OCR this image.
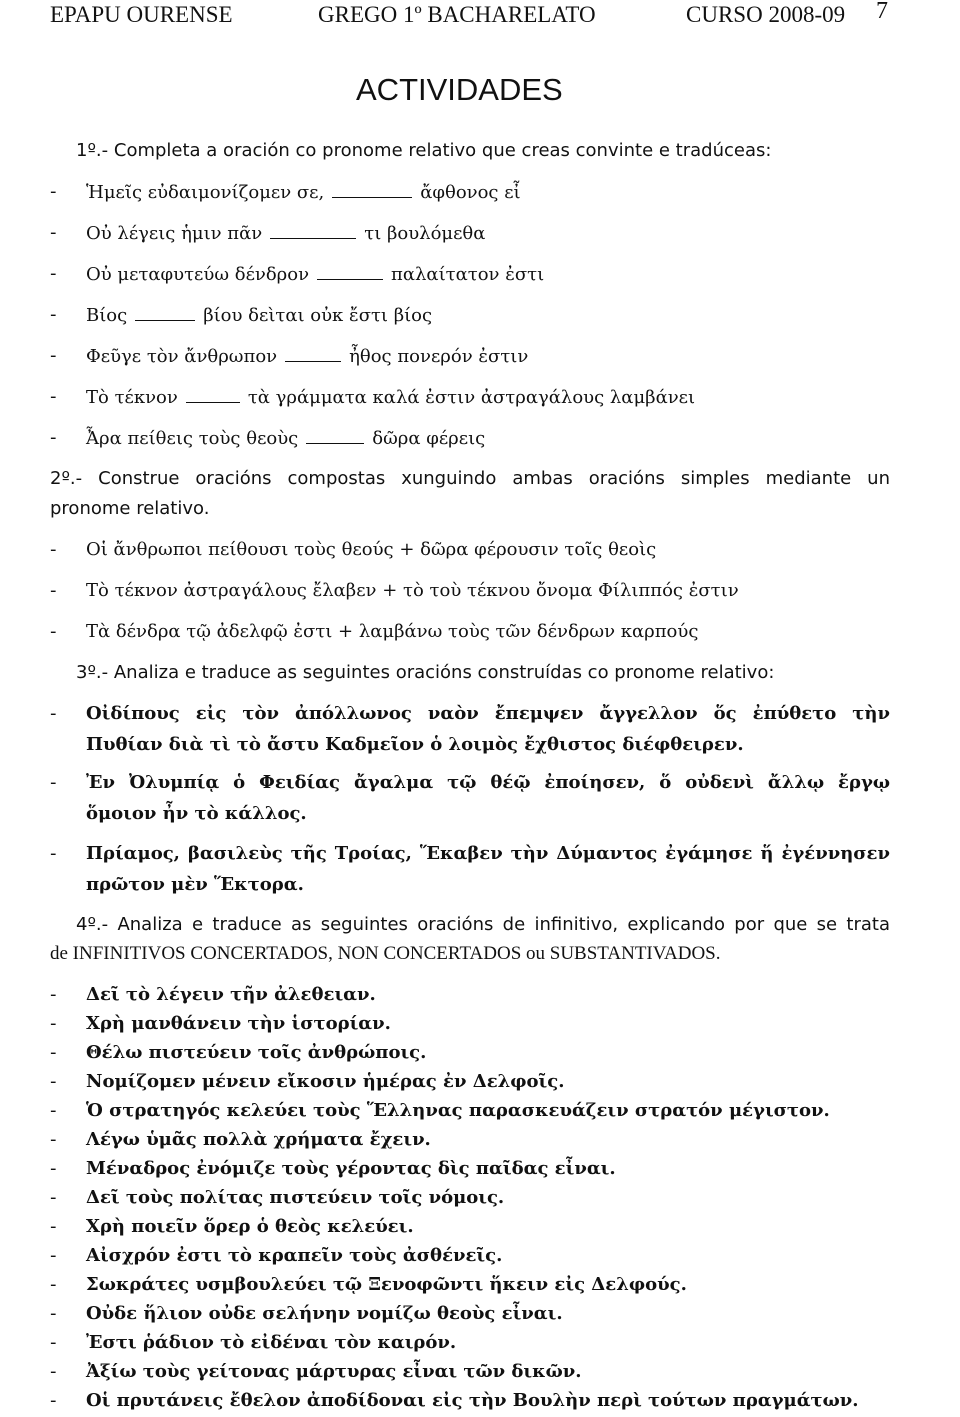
EPAPU OURENSE	GREGO 1º BACHARELATO	CURSO 2008-09 7
ACTIVIDADES
1º.- Completa a oración co pronome relativo que creas convinte e tradúceas:
- Ἡμεῖς εὐδαιμονίζομεν σε,	ἄφθονος εἶ
- Οὐ λέγεις ἡμιν πᾶν	τι βουλόμεθα
- Οὐ μεταφυτεύω δένδρον	παλαίτατον ἐστι
- Βίος	βίου δεὶται οὐκ ἔστι βίος
- Φεῦγε τὸν ἄνθρωπον	ἦθος πονερόν ἐστιν
- Τὸ τέκνον	τὰ γράμματα καλά ἐστιν ἀστραγάλους λαμβάνει
- Ἆρα πείθεις τοὺς θεοὺς	δῶρα φέρεις
2º.- Construe oracións compostas xunguindo ambas oracións simples mediante un
pronome relativo.
- Οἱ ἄνθρωποι πείθουσι τοὺς θεούς + δῶρα φέρουσιν τοῖς θεοὶς
- Τὸ τέκνον ἀστραγάλους ἔλαβεν + τὸ τοὺ τέκνου ὄνομα Φίλιππός ἐστιν
- Τὰ δένδρα τῷ ἀδελφῷ ἐστι + λαμβάνω τοὺς τῶν δένδρων καρπούς
3º.- Analiza e traduce as seguintes oracións construídas co pronome relativo:
- Οἰδίπους εἰς τὸν ἀπόλλωνος ναὸν ἔπεμψεν ἄγγελλον ὅς ἐπύθετο τὴν
Πυθίαν διὰ τὶ τὸ ἄστυ Καδμεῖον ὁ λοιμὸς ἔχθιστος διέφθειρεν.
- Ἐν Ὀλυμπίᾳ ὁ Φειδίας ἄγαλμα τῷ θέῷ ἐποίησεν, ὅ οὐδενὶ ἄλλῳ ἔργῳ
ὅμοιον ἦν τὸ κάλλος.
- Πρίαμος, βασιλεὺς τῆς Τροίας, Ἕκαβεν τὴν Δύμαντος ἐγάμησε ἥ ἐγέννησεν
πρῶτον μὲν Ἕκτορα.
4º.- Analiza e traduce as seguintes oracións de infinitivo, explicando por que se trata
de INFINITIVOS CONCERTADOS, NON CONCERTADOS ou SUBSTANTIVADOS.
- Δεῖ τὸ λέγειν τῆν ἀλεθειαν.
- Χρὴ μανθάνειν τὴν ἱστορίαν.
- Θέλω πιστεύειν τοῖς ἀνθρώποις.
- Νομίζομεν μένειν εἴκοσιν ἡμέρας ἐν Δελφοῖς.
- Ὁ στρατηγός κελεύει τοὺς Ἕλληνας παρασκευάζειν στρατόν μέγιστον.
- Λέγω ὑμᾶς πολλὰ χρήματα ἔχειν.
- Μέναδρος ἐνόμιζε τοὺς γέροντας δὶς παῖδας εἶναι.
- Δεῖ τοὺς πολίτας πιστεύειν τοῖς νόμοις.
- Χρὴ ποιεῖν ὅρερ ὁ θεὸς κελεύει.
- Αἰσχρόν ἐστι τὸ κραπεῖν τοὺς ἀσθένεῖς.
- Σωκράτες υσμβουλεύει τῷ Ξενοφῶντι ἥκειν εἰς Δελφούς.
- Οὐδε ἥλιον οὐδε σελήνην νομίζω θεοὺς εἶναι.
- Ἐστι ῥάδιον τὸ εἰδέναι τὸν καιρόν.
- Ἀξίω τοὺς γείτονας μάρτυρας εἶναι τῶν δικῶν.
- Οἱ πρυτάνεις ἔθελον ἀποδίδοναι εἰς τὴν Βουλὴν περὶ τούτων πραγμάτων.
